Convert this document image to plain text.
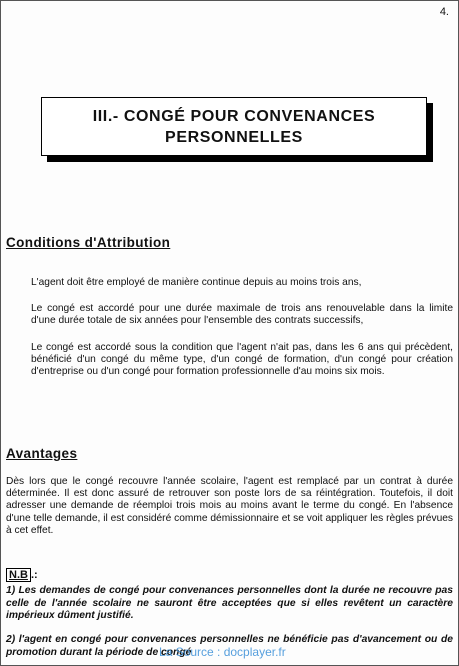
4.
III.- CONGÉ POUR CONVENANCES
PERSONNELLES
Conditions d'Attribution
L'agent doit être employé de manière continue depuis au moins trois ans,
Le congé est accordé pour une durée maximale de trois ans renouvelable dans la limite d'une durée totale de six années pour l'ensemble des contrats successifs,
Le congé est accordé sous la condition que l'agent n'ait pas, dans les 6 ans qui précèdent, bénéficié d'un congé du même type, d'un congé de formation, d'un congé pour création d'entreprise ou d'un congé pour formation professionnelle d'au moins six mois.
Avantages
Dès lors que le congé recouvre l'année scolaire, l'agent est remplacé par un contrat à durée déterminée. Il est donc assuré de retrouver son poste lors de sa réintégration. Toutefois, il doit adresser une demande de réemploi trois mois au moins avant le terme du congé. En l'absence d'une telle demande, il est considéré comme démissionnaire et se voit appliquer les règles prévues à cet effet.
N.B .:
1) Les demandes de congé pour convenances personnelles dont la durée ne recouvre pas celle de l'année scolaire ne sauront être acceptées que si elles revêtent un caractère impérieux dûment justifié.
2) l'agent en congé pour convenances personnelles ne bénéficie pas d'avancement ou de promotion durant la période de congé
La Source : docplayer.fr
